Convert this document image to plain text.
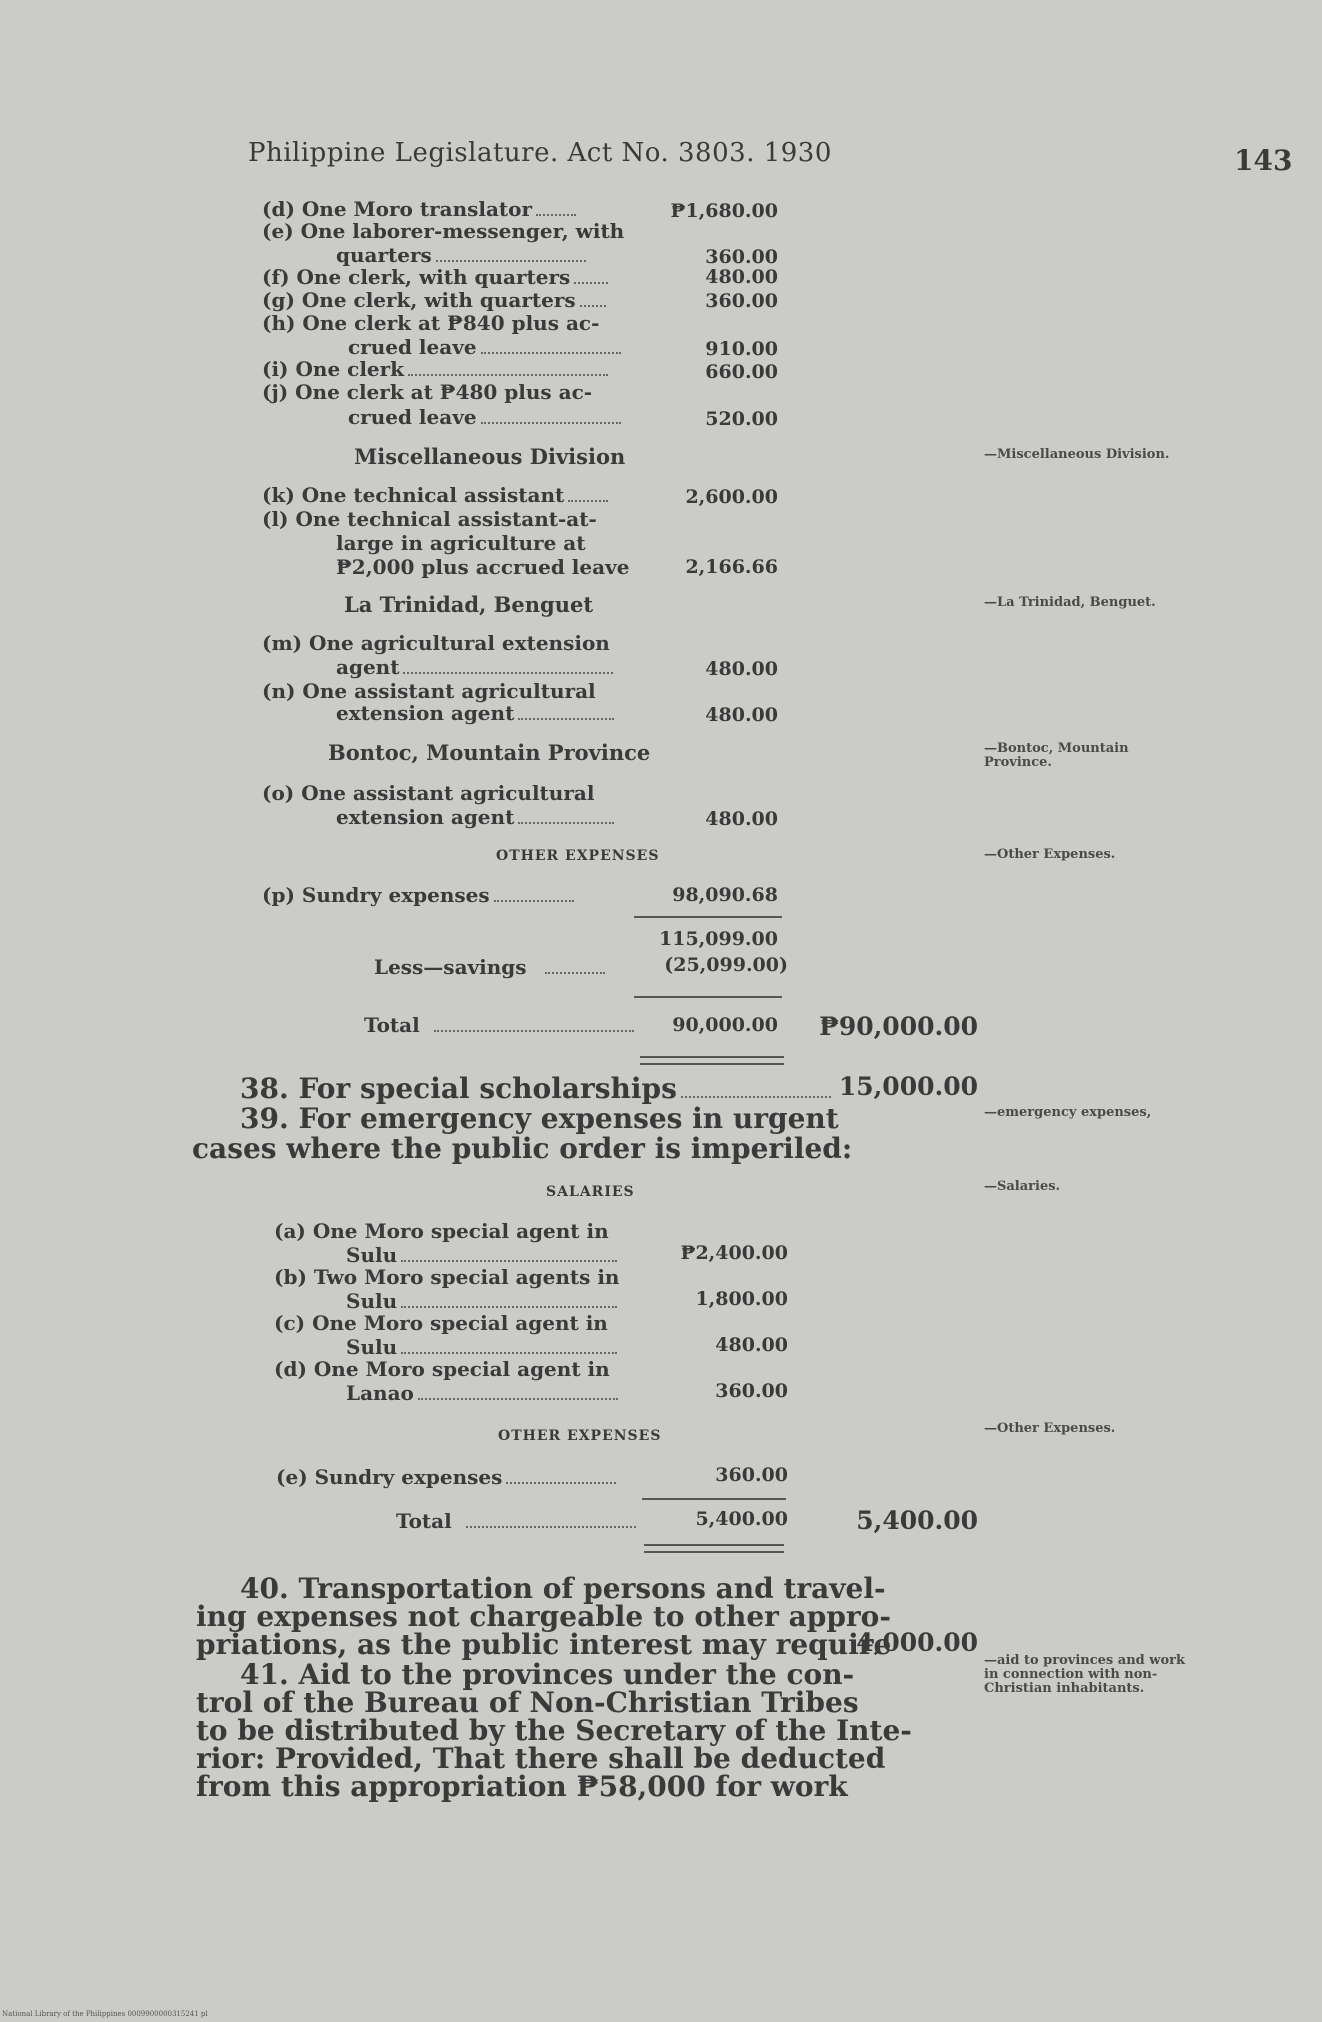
Philippine Legislature. Act No. 3803. 1930	143
(d) One Moro translator	₱1,680.00
(e) One laborer-messenger, with
quarters	360.00
(f) One clerk, with quarters	480.00
(g) One clerk, with quarters	360.00
(h) One clerk at ₱840 plus ac-
crued leave	910.00
(i) One clerk	660.00
(j) One clerk at ₱480 plus ac-
crued leave	520.00
Miscellaneous Division	—Miscellaneous Division.
(k) One technical assistant	2,600.00
(l) One technical assistant-at-
large in agriculture at
₱2,000 plus accrued leave	2,166.66
La Trinidad, Benguet	—La Trinidad, Benguet.
(m) One agricultural extension
agent	480.00
(n) One assistant agricultural
extension agent	480.00
Bontoc, Mountain Province	—Bontoc, Mountain Province.
(o) One assistant agricultural
extension agent	480.00
OTHER EXPENSES	—Other Expenses.
(p) Sundry expenses	98,090.68
115,099.00
Less—savings	(25,099.00)
Total	90,000.00 ₱90,000.00
38. For special scholarships	15,000.00
39. For emergency expenses in urgent
cases where the public order is imperiled:
—emergency expenses,
SALARIES	—Salaries.
(a) One Moro special agent in
Sulu	₱2,400.00
(b) Two Moro special agents in
Sulu	1,800.00
(c) One Moro special agent in
Sulu	480.00
(d) One Moro special agent in
Lanao	360.00
OTHER EXPENSES	—Other Expenses.
(e) Sundry expenses	360.00
Total	5,400.00	5,400.00
40. Transportation of persons and travel-
ing expenses not chargeable to other appro-
priations, as the public interest may require
4,000.00
41. Aid to the provinces under the con-
trol of the Bureau of Non-Christian Tribes
to be distributed by the Secretary of the Inte-
rior: Provided, That there shall be deducted
from this appropriation ₱58,000 for work
—aid to provinces and work in connection with non-Christian inhabitants.
National Library of the Philippines 0009900000315241 pl
